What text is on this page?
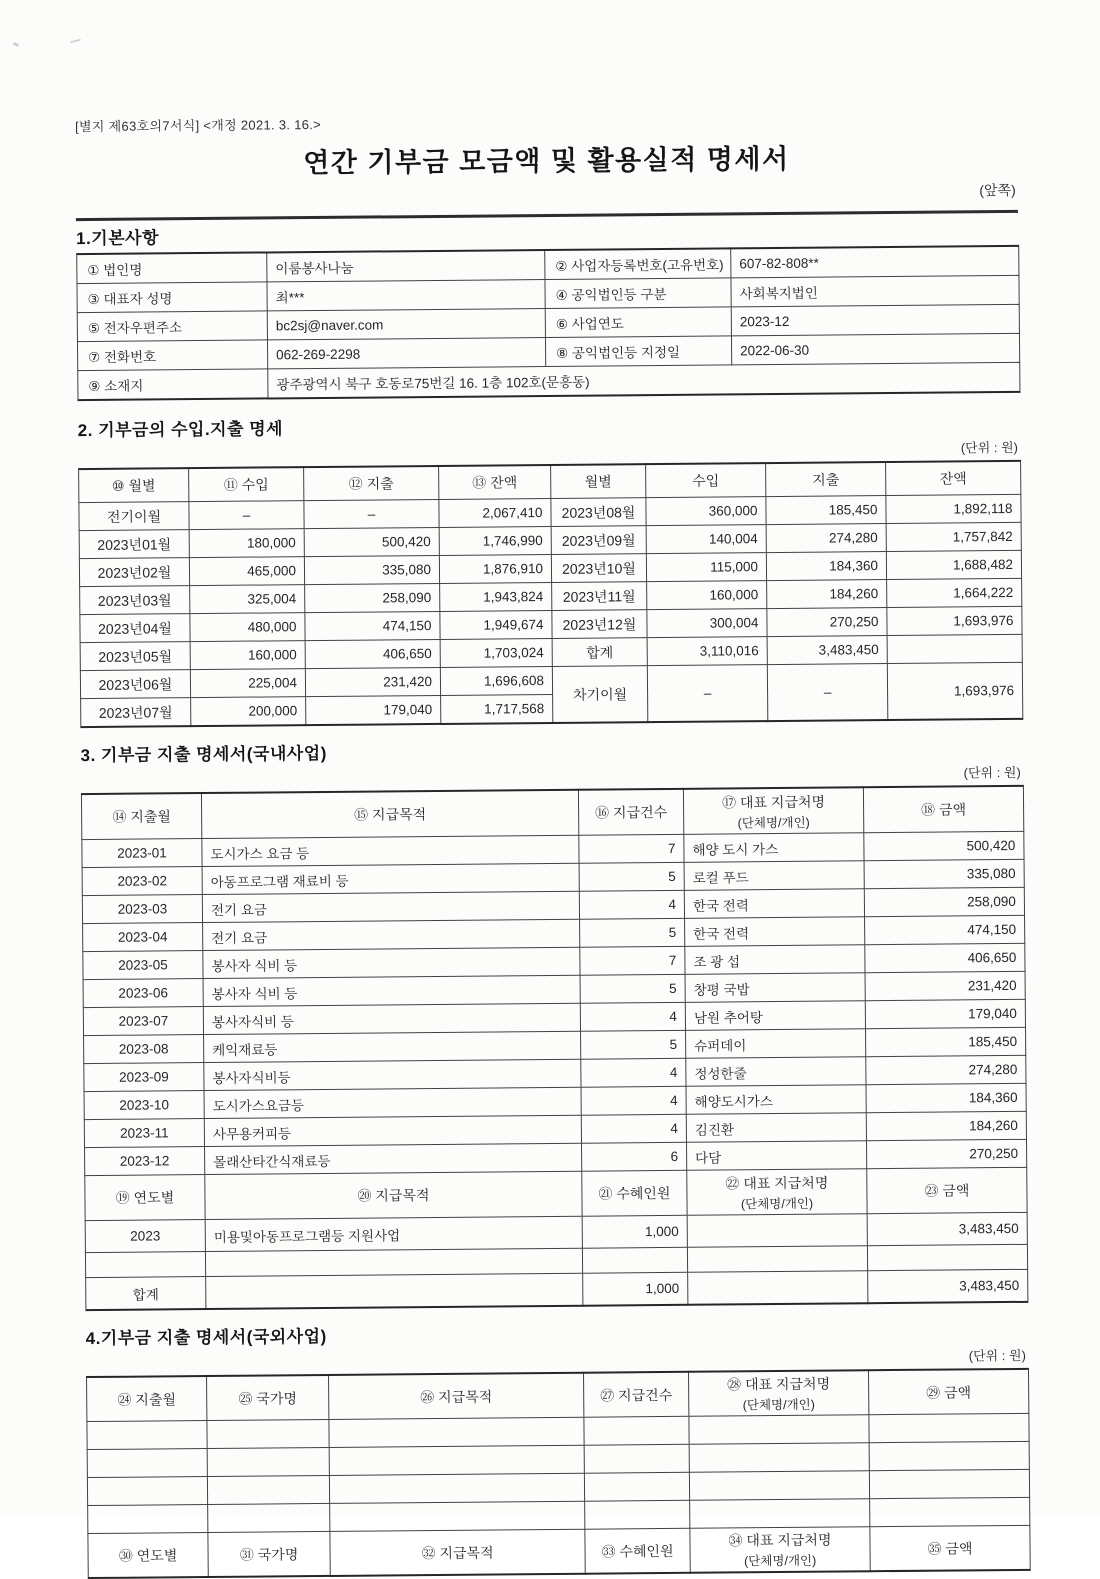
[별지 제63호의7서식] <개정 2021. 3. 16.>
연간 기부금 모금액 및 활용실적 명세서
(앞쪽)
1.기본사항
① 법인명	이룸봉사나눔	② 사업자등록번호(고유번호)	607-82-808**
③ 대표자 성명	최***	④ 공익법인등 구분	사회복지법인
⑤ 전자우편주소	bc2sj@naver.com	⑥ 사업연도	2023-12
⑦ 전화번호	062-269-2298	⑧ 공익법인등 지정일	2022-06-30
⑨ 소재지	광주광역시 북구 호동로75번길 16. 1층 102호(문흥동)		
2. 기부금의 수입.지출 명세
(단위 : 원)
⑩ 월별	⑪ 수입	⑫ 지출	⑬ 잔액	월별	수입	지출	잔액
전기이월	–	–	2,067,410	2023년08월	360,000	185,450	1,892,118
2023년01월	180,000	500,420	1,746,990	2023년09월	140,004	274,280	1,757,842
2023년02월	465,000	335,080	1,876,910	2023년10월	115,000	184,360	1,688,482
2023년03월	325,004	258,090	1,943,824	2023년11월	160,000	184,260	1,664,222
2023년04월	480,000	474,150	1,949,674	2023년12월	300,004	270,250	1,693,976
2023년05월	160,000	406,650	1,703,024	합계	3,110,016	3,483,450	
2023년06월	225,004	231,420	1,696,608	차기이월	–	–	1,693,976
2023년07월	200,000	179,040	1,717,568				
3. 기부금 지출 명세서(국내사업)
(단위 : 원)
⑭ 지출월	⑮ 지급목적	⑯ 지급건수	⑰ 대표 지급처명
(단체명/개인)	⑱ 금액
2023-01	도시가스 요금 등	7	해양 도시 가스	500,420
2023-02	아동프로그램 재료비 등	5	로컬 푸드	335,080
2023-03	전기 요금	4	한국 전력	258,090
2023-04	전기 요금	5	한국 전력	474,150
2023-05	봉사자 식비 등	7	조 광 섭	406,650
2023-06	봉사자 식비 등	5	창평 국밥	231,420
2023-07	봉사자식비 등	4	남원 추어탕	179,040
2023-08	케익재료등	5	슈퍼데이	185,450
2023-09	봉사자식비등	4	정성한줄	274,280
2023-10	도시가스요금등	4	해양도시가스	184,360
2023-11	사무용커피등	4	김진환	184,260
2023-12	몰래산타간식재료등	6	다담	270,250
⑲ 연도별	⑳ 지급목적	㉑ 수혜인원	㉒ 대표 지급처명
(단체명/개인)	㉓ 금액
2023	미용및아동프로그램등 지원사업	1,000		3,483,450

합계		1,000		3,483,450
4.기부금 지출 명세서(국외사업)
(단위 : 원)
㉔ 지출월	㉕ 국가명	㉖ 지급목적	㉗ 지급건수	㉘ 대표 지급처명
(단체명/개인)	㉙ 금액

㉚ 연도별	㉛ 국가명	㉜ 지급목적	㉝ 수혜인원	㉞ 대표 지급처명
(단체명/개인)	㉟ 금액
